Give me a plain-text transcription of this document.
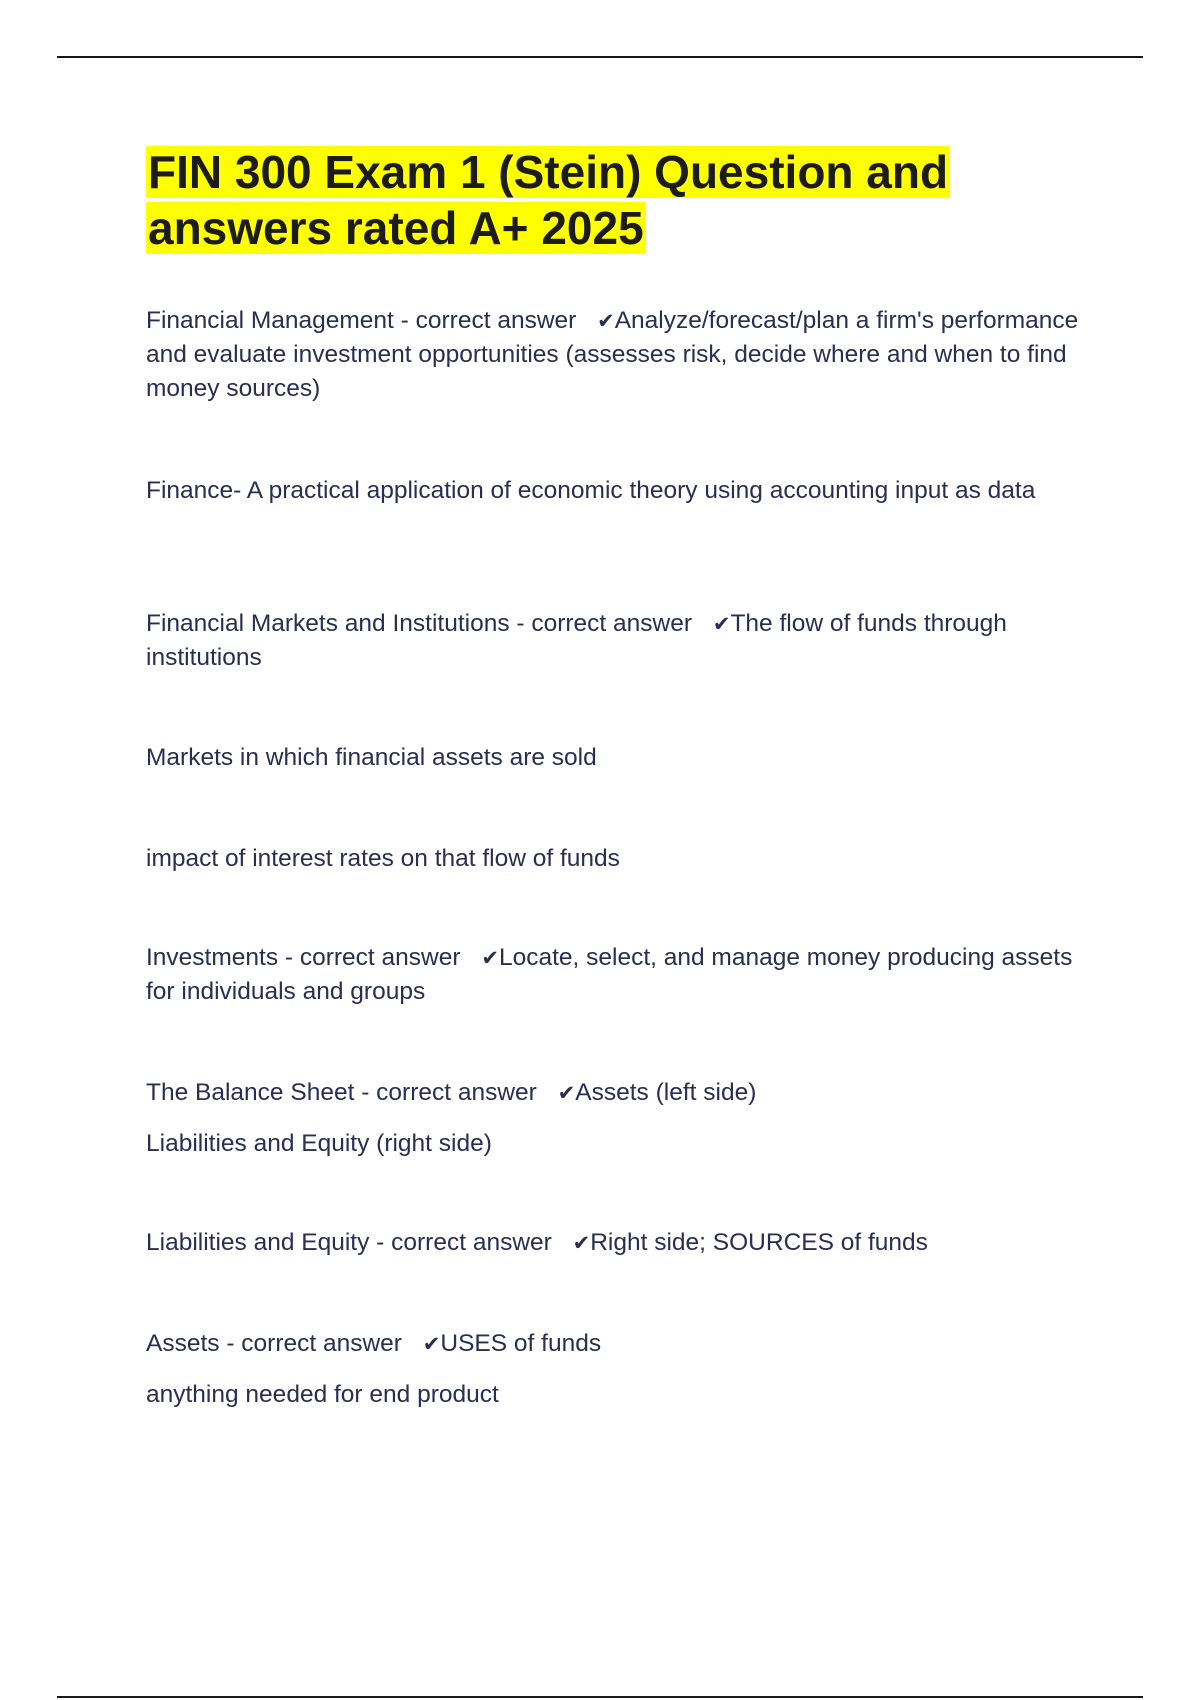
FIN 300 Exam 1 (Stein) Question and answers rated A+ 2025

Financial Management - correct answer ✔Analyze/forecast/plan a firm's performance and evaluate investment opportunities (assesses risk, decide where and when to find money sources)

Finance- A practical application of economic theory using accounting input as data

Financial Markets and Institutions - correct answer ✔The flow of funds through institutions

Markets in which financial assets are sold

impact of interest rates on that flow of funds

Investments - correct answer ✔Locate, select, and manage money producing assets for individuals and groups

The Balance Sheet - correct answer ✔Assets (left side)

Liabilities and Equity (right side)

Liabilities and Equity - correct answer ✔Right side; SOURCES of funds

Assets - correct answer ✔USES of funds

anything needed for end product
